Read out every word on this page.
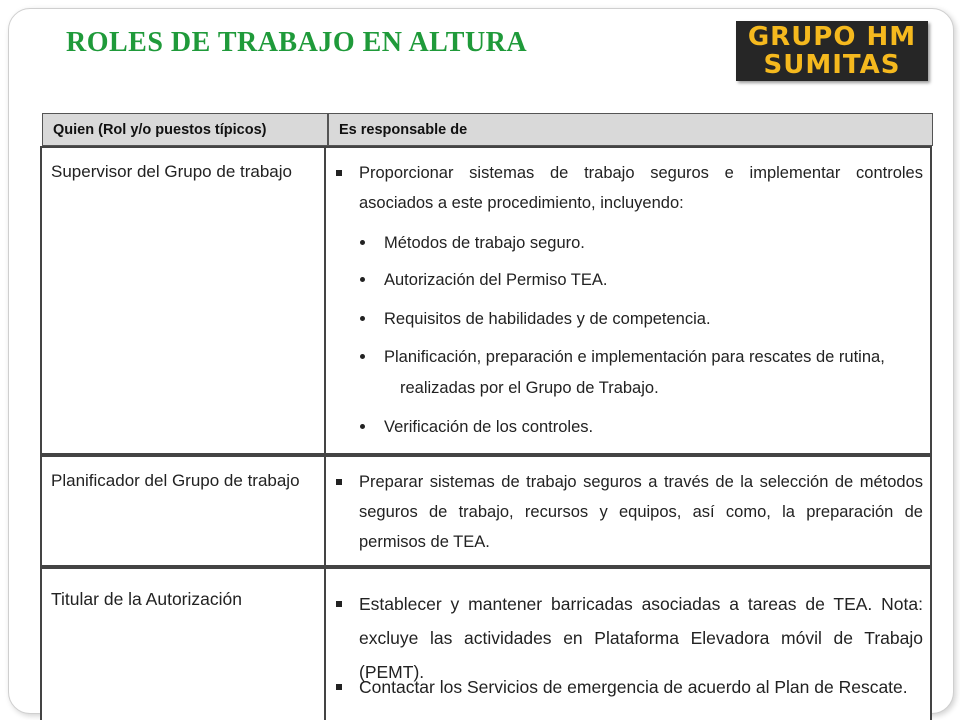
ROLES DE TRABAJO EN ALTURA	GRUPO HM
SUMITAS
Quien (Rol y/o puestos típicos)	Es responsable de
Supervisor del Grupo de trabajo	Proporcionar sistemas de trabajo seguros e implementar controles asociados a este procedimiento, incluyendo:
Métodos de trabajo seguro.
Autorización del Permiso TEA.
Requisitos de habilidades y de competencia.
Planificación, preparación e implementación para rescates de rutina,
realizadas por el Grupo de Trabajo.
Verificación de los controles.
Planificador del Grupo de trabajo	Preparar sistemas de trabajo seguros a través de la selección de métodos seguros de trabajo, recursos y equipos, así como, la preparación de permisos de TEA.
Titular de la Autorización	Establecer y mantener barricadas asociadas a tareas de TEA. Nota: excluye las actividades en Plataforma Elevadora móvil de Trabajo (PEMT).
Contactar los Servicios de emergencia de acuerdo al Plan de Rescate.
